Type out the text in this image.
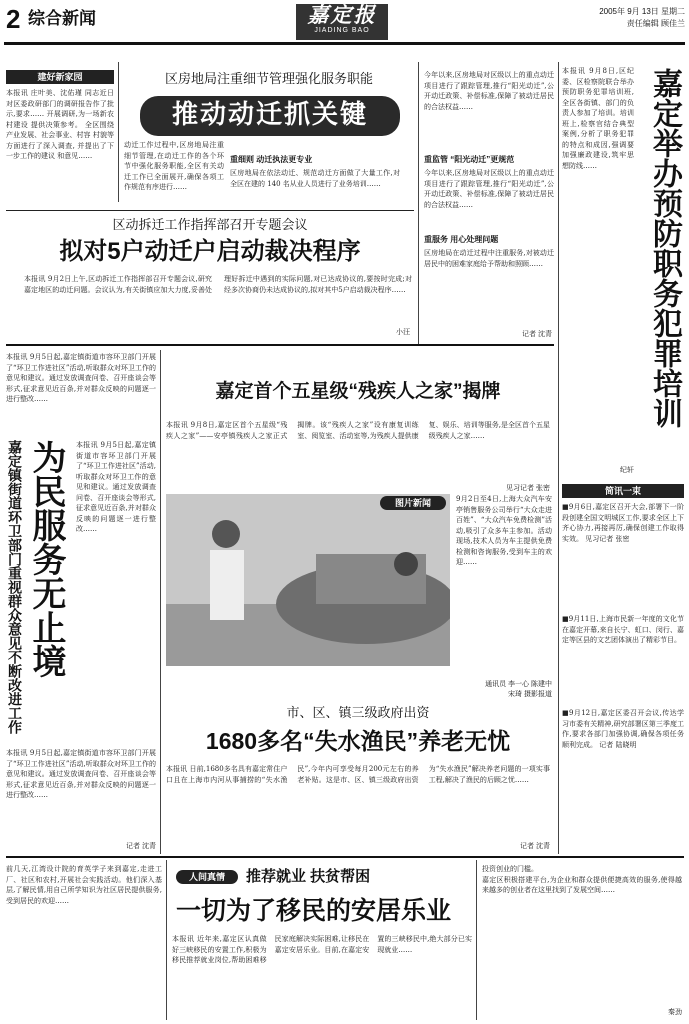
2 综合新闻	嘉定报
JIADING BAO
2005年 9月 13日 星期二
责任编辑 顾佳兰
建好新家园
本报讯 庄叶美、沈佑瑾 同志近日对区委政研部门的调研报告作了批示,要求…… 开展调研,为一场新农村建设 提供决策参考。 全区围绕 产业发展、社会事业、村容 村貌等方面进行了深入调查, 并提出了下一步工作的建议 和意见……
区房地局注重细节管理强化服务职能
推动动迁抓关键
重细则 动迁执法更专业
动迁工作过程中,区房地局注重细节管理,在动迁工作的各个环节中强化服务职能,全区有关动迁工作已全面展开,确保各项工作规范有序进行……
区房地局在依法动迁、规范动迁方面做了大量工作,对全区在建的 140 名从业人员进行了业务培训……
今年以来,区房地局对区级以上的重点动迁项目进行了跟踪管理,推行“阳光动迁”,公开动迁政策、补偿标准,保障了被动迁居民的合法权益……
重监管 “阳光动迁”更规范
今年以来,区房地局对区级以上的重点动迁项目进行了跟踪管理,推行“阳光动迁”,公开动迁政策、补偿标准,保障了被动迁居民的合法权益……
重服务 用心处理问题
区房地局在动迁过程中注重服务,对被动迁居民中的困难家庭给予帮助和照顾……
记者 沈青
区动拆迁工作指挥部召开专题会议
拟对5户动迁户启动裁决程序
本报讯 9月2日上午,区动拆迁工作指挥部召开专题会议,研究嘉定地区的动迁问题。会议认为,有关街镇应加大力度,妥善处理好拆迁中遇到的实际问题,对已达成协议的,要按时完成;对经多次协商仍未达成协议的,拟对其中5户启动裁决程序……
小汪
本报讯 9月5日起,嘉定镇街道市容环卫部门开展了“环卫工作进社区”活动,听取群众对环卫工作的意见和建议。通过发放调查问卷、召开座谈会等形式,征求意见近百条,并对群众反映的问题逐一进行整改……
为民服务无止境
嘉定镇街道环卫部门重视群众意见不断改进工作	本报讯 9月5日起,嘉定镇街道市容环卫部门开展了“环卫工作进社区”活动,听取群众对环卫工作的意见和建议。通过发放调查问卷、召开座谈会等形式,征求意见近百条,并对群众反映的问题逐一进行整改……
本报讯 9月5日起,嘉定镇街道市容环卫部门开展了“环卫工作进社区”活动,听取群众对环卫工作的意见和建议。通过发放调查问卷、召开座谈会等形式,征求意见近百条,并对群众反映的问题逐一进行整改……
记者 沈青
嘉定首个五星级“残疾人之家”揭牌
本报讯 9月8日,嘉定区首个五星级“残疾人之家”——安亭镇残疾人之家正式揭牌。该“残疾人之家”设有康复训练室、阅览室、活动室等,为残疾人提供康复、娱乐、培训等服务,是全区首个五星级残疾人之家……
见习记者 张密
图片新闻	9月2日至4日,上海大众汽车安亭销售服务公司举行“大众走进百姓”、“大众汽车免费检测”活动,吸引了众多车主参加。活动现场,技术人员为车主提供免费检测和咨询服务,受到车主的欢迎……
通讯员 李一心 陈建中
宋琦 摄影报道
市、区、镇三级政府出资
1680多名“失水渔民”养老无忧
本报讯 日前,1680多名具有嘉定常住户口且在上海市内河从事捕捞的“失水渔民”,今年内可享受每月200元左右的养老补贴。这是市、区、镇三级政府出资为“失水渔民”解决养老问题的一项实事工程,解决了渔民的后顾之忧……
记者 沈青
本报讯 9月8日,区纪委、区检察院联合举办预防职务犯罪培训班,全区各街镇、部门的负责人参加了培训。培训班上,检察官结合典型案例,分析了职务犯罪的特点和成因,强调要加强廉政建设,筑牢思想防线……	嘉定举办预防职务犯罪培训
纪轩
简讯一束
■9月6日,嘉定区召开大会,部署下一阶段创建全国文明城区工作,要求全区上下齐心协力,再接再厉,确保创建工作取得实效。 见习记者 张密
■9月11日,上海市民新一年度的文化节在嘉定开幕,来自长宁、虹口、闵行、嘉定等区县的文艺团体演出了精彩节目。
■9月12日,嘉定区委召开会议,传达学习市委有关精神,研究部署区第三季度工作,要求各部门加强协调,确保各项任务顺利完成。 记者 陆晓明
前几天,江湾设计院的育英学子来到嘉定,走进工厂、社区和农村,开展社会实践活动。他们深入基层,了解民情,用自己所学知识为社区居民提供服务,受到居民的欢迎……
人间真情	推荐就业 扶贫帮困
一切为了移民的安居乐业
本报讯 近年来,嘉定区认真做好三峡移民的安置工作,积极为移民推荐就业岗位,帮助困难移民家庭解决实际困难,让移民在嘉定安居乐业。目前,在嘉定安置的三峡移民中,绝大部分已实现就业……
投资创业的门槛。
嘉定区积极搭建平台,为企业和群众提供便捷高效的服务,使得越来越多的创业者在这里找到了发展空间……
秦劲
